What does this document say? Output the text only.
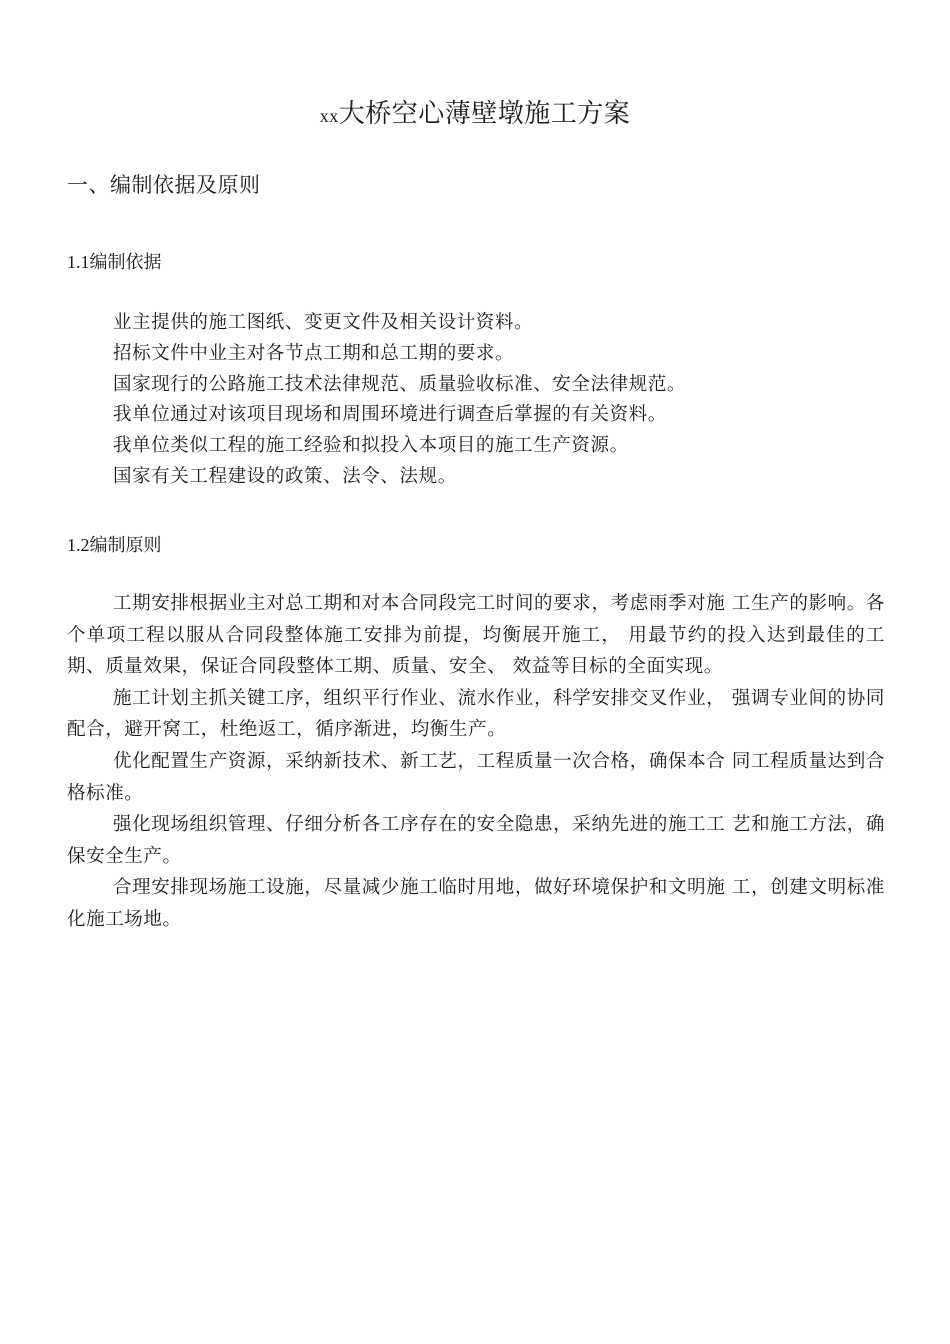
xx大桥空心薄壁墩施工方案
一、编制依据及原则
1.1编制依据
业主提供的施工图纸、变更文件及相关设计资料。
招标文件中业主对各节点工期和总工期的要求。
国家现行的公路施工技术法律规范、质量验收标准、安全法律规范。
我单位通过对该项目现场和周围环境进行调查后掌握的有关资料。
我单位类似工程的施工经验和拟投入本项目的施工生产资源。
国家有关工程建设的政策、法令、法规。
1.2编制原则

工期安排根据业主对总工期和对本合同段完工时间的要求，考虑雨季对施 工生产的影响。各个单项工程以服从合同段整体施工安排为前提，均衡展开施工， 用最节约的投入达到最佳的工期、质量效果，保证合同段整体工期、质量、安全、 效益等目标的全面实现。

施工计划主抓关键工序，组织平行作业、流水作业，科学安排交叉作业， 强调专业间的协同配合，避开窝工，杜绝返工，循序渐进，均衡生产。

优化配置生产资源，采纳新技术、新工艺，工程质量一次合格，确保本合 同工程质量达到合格标准。

强化现场组织管理、仔细分析各工序存在的安全隐患，采纳先进的施工工 艺和施工方法，确保安全生产。

合理安排现场施工设施，尽量减少施工临时用地，做好环境保护和文明施 工，创建文明标准化施工场地。
